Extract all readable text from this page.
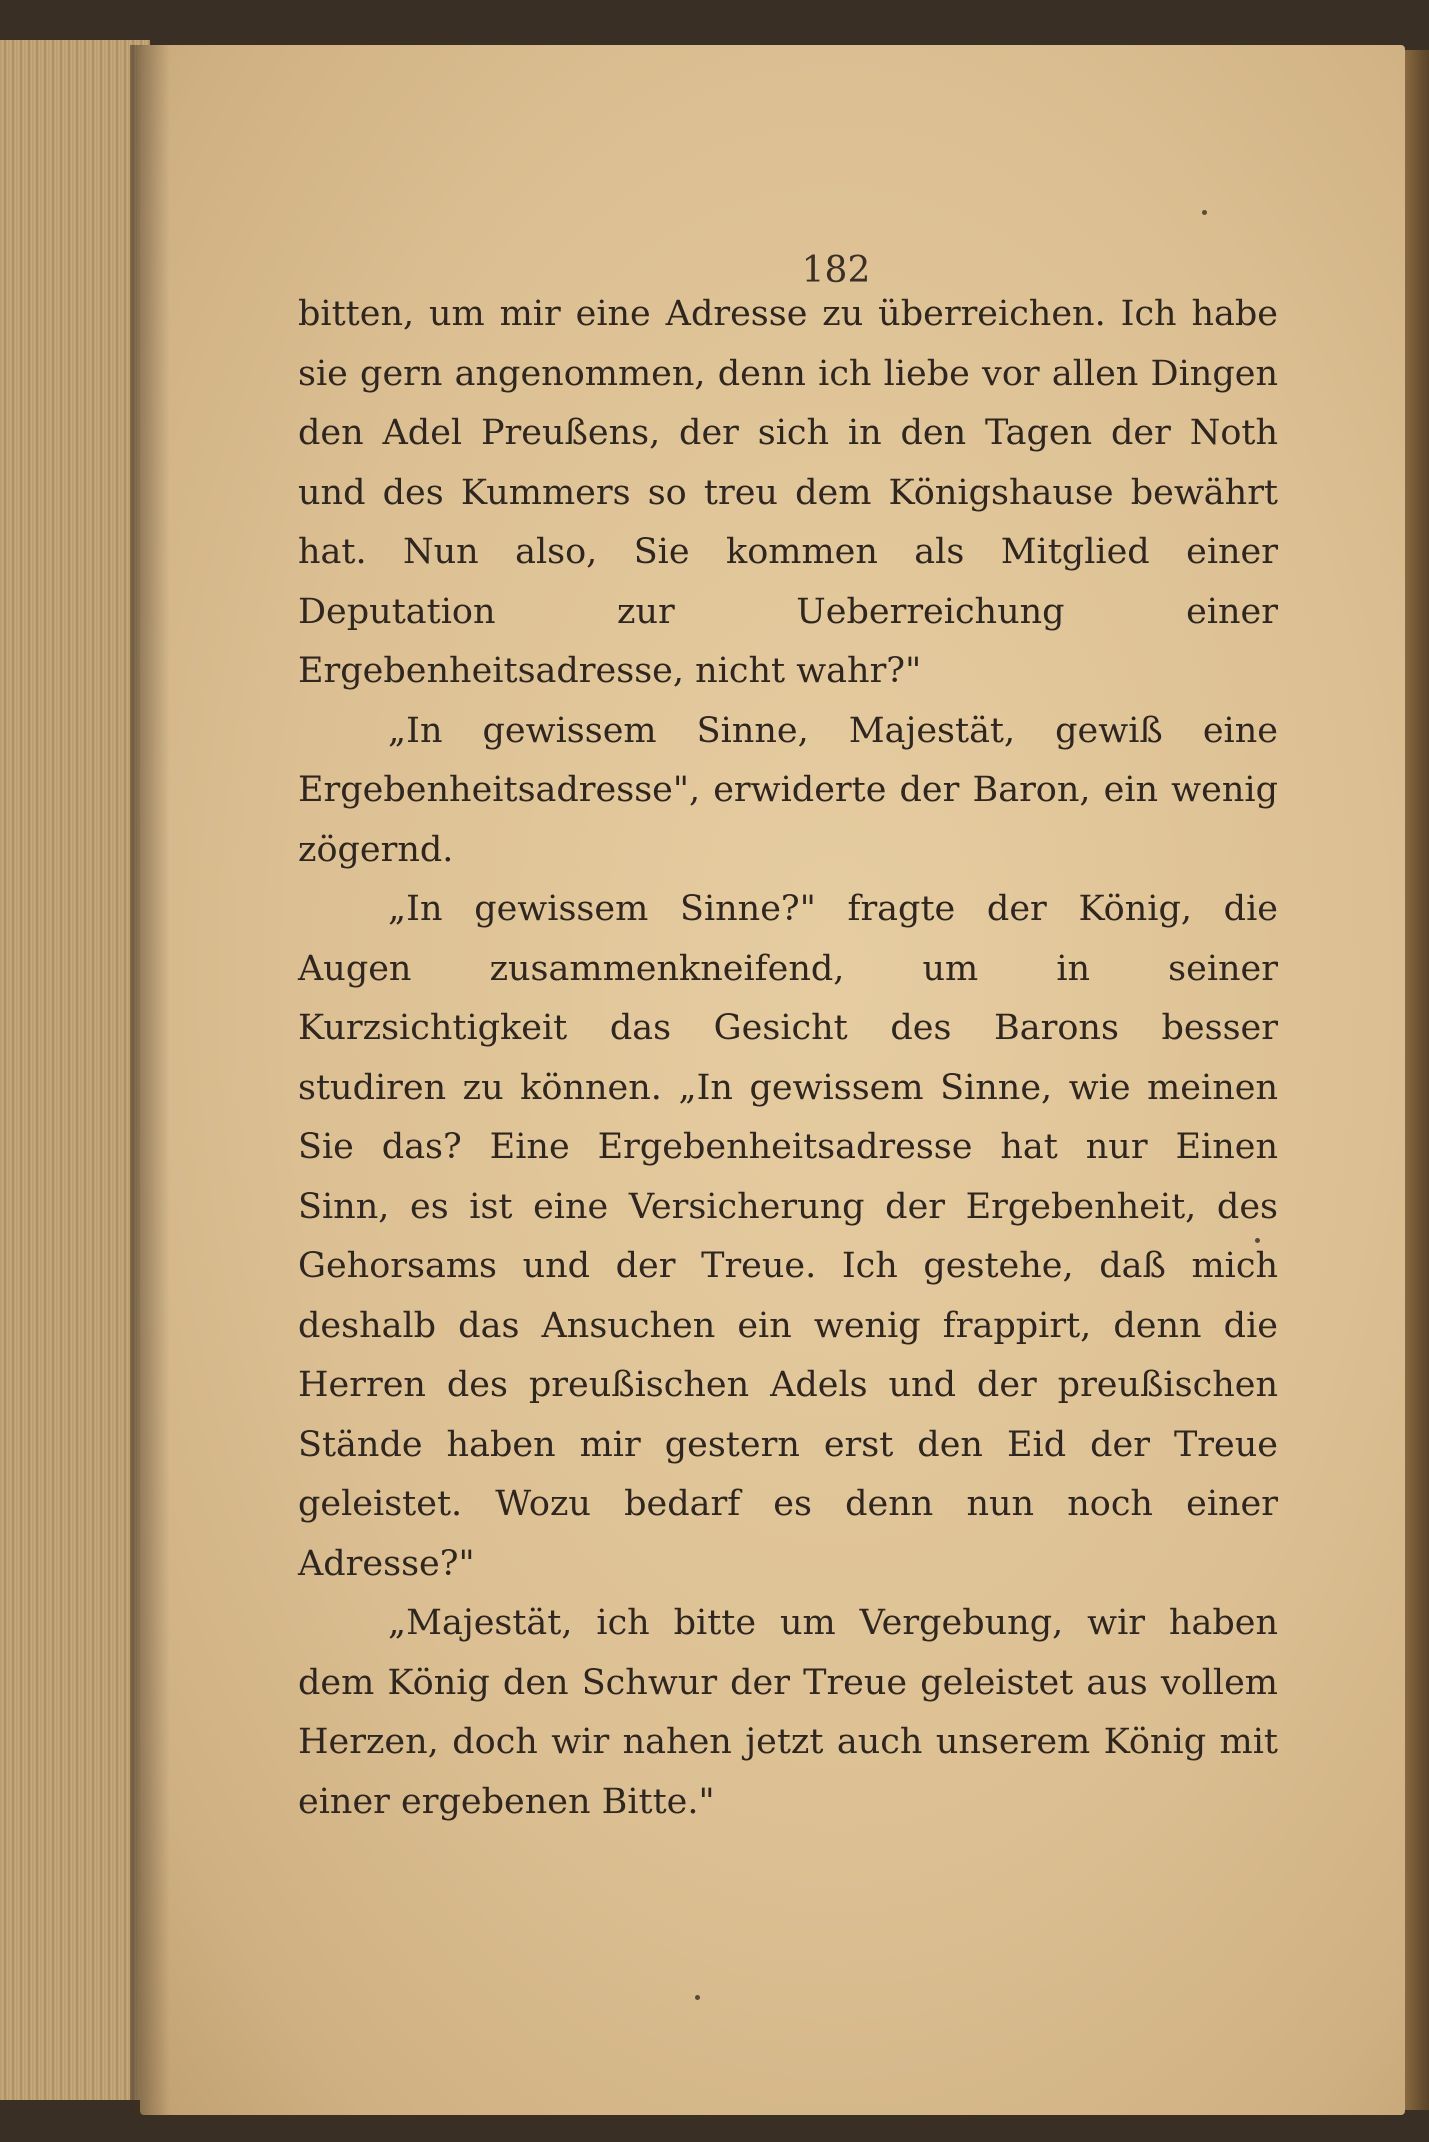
182

bitten, um mir eine Adresse zu überreichen. Ich habe sie gern angenommen, denn ich liebe vor allen Dingen den Adel Preußens, der sich in den Tagen der Noth und des Kummers so treu dem Königshause bewährt hat. Nun also, Sie kommen als Mitglied einer Deputation zur Ueberreichung einer Ergebenheitsadresse, nicht wahr?"

„In gewissem Sinne, Majestät, gewiß eine Ergebenheitsadresse", erwiderte der Baron, ein wenig zögernd.

„In gewissem Sinne?" fragte der König, die Augen zusammenkneifend, um in seiner Kurzsichtigkeit das Gesicht des Barons besser studiren zu können. „In gewissem Sinne, wie meinen Sie das? Eine Ergebenheitsadresse hat nur Einen Sinn, es ist eine Versicherung der Ergebenheit, des Gehorsams und der Treue. Ich gestehe, daß mich deshalb das Ansuchen ein wenig frappirt, denn die Herren des preußischen Adels und der preußischen Stände haben mir gestern erst den Eid der Treue geleistet. Wozu bedarf es denn nun noch einer Adresse?"

„Majestät, ich bitte um Vergebung, wir haben dem König den Schwur der Treue geleistet aus vollem Herzen, doch wir nahen jetzt auch unserem König mit einer ergebenen Bitte."
